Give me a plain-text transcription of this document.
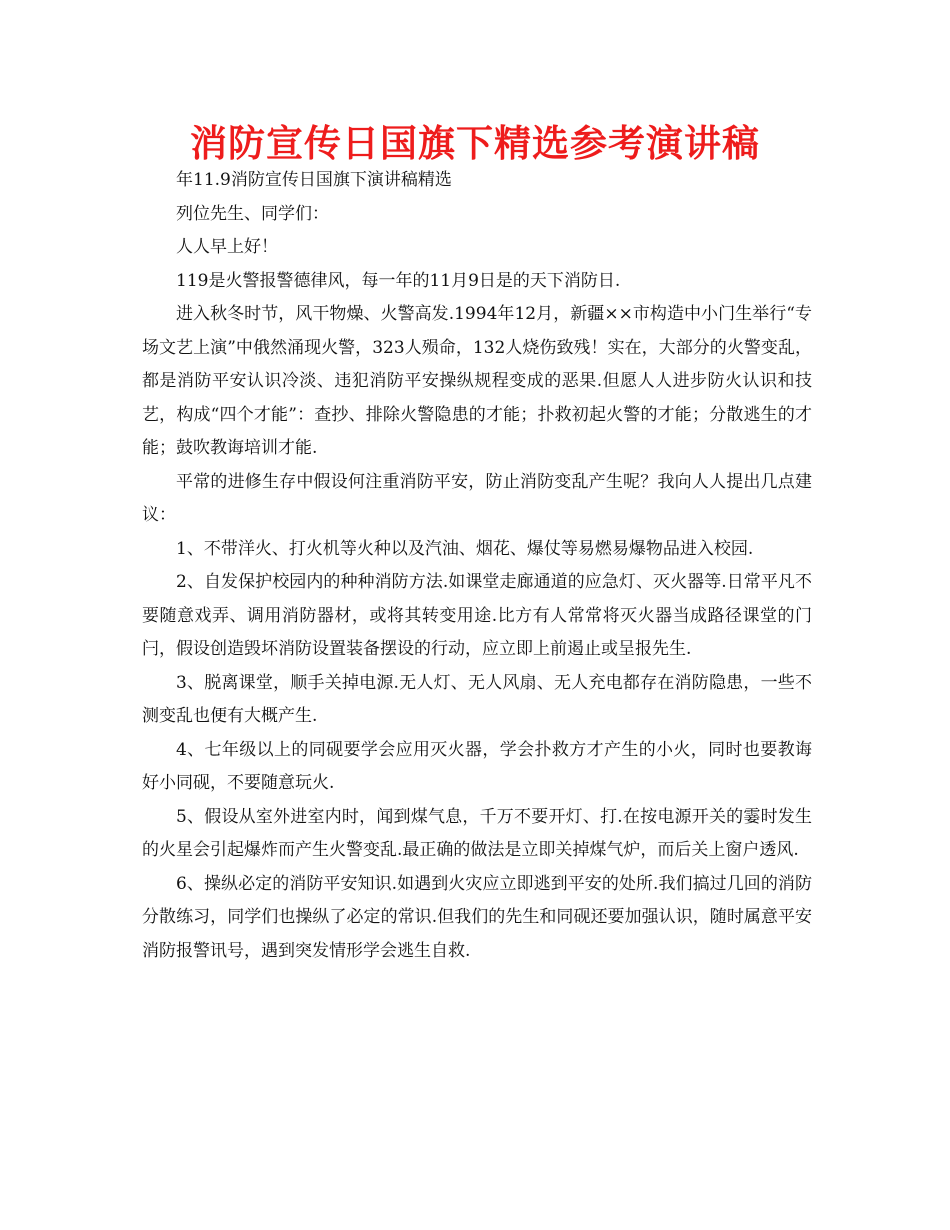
消防宣传日国旗下精选参考演讲稿

年11.9消防宣传日国旗下演讲稿精选

列位先生、同学们：

人人早上好！

119是火警报警德律风，每一年的11月9日是的天下消防日.

进入秋冬时节，风干物燥、火警高发.1994年12月，新疆××市构造中小门生举行“专场文艺上演”中俄然涌现火警，323人殒命，132人烧伤致残！实在，大部分的火警变乱，都是消防平安认识冷淡、违犯消防平安操纵规程变成的恶果.但愿人人进步防火认识和技艺，构成“四个才能”：查抄、排除火警隐患的才能；扑救初起火警的才能；分散逃生的才能；鼓吹教诲培训才能.

平常的进修生存中假设何注重消防平安，防止消防变乱产生呢？我向人人提出几点建议：

1、不带洋火、打火机等火种以及汽油、烟花、爆仗等易燃易爆物品进入校园.

2、自发保护校园内的种种消防方法.如课堂走廊通道的应急灯、灭火器等.日常平凡不要随意戏弄、调用消防器材，或将其转变用途.比方有人常常将灭火器当成路径课堂的门闩，假设创造毁坏消防设置装备摆设的行动，应立即上前遏止或呈报先生.

3、脱离课堂，顺手关掉电源.无人灯、无人风扇、无人充电都存在消防隐患，一些不测变乱也便有大概产生.

4、七年级以上的同砚要学会应用灭火器，学会扑救方才产生的小火，同时也要教诲好小同砚，不要随意玩火.

5、假设从室外进室内时，闻到煤气息，千万不要开灯、打.在按电源开关的霎时发生的火星会引起爆炸而产生火警变乱.最正确的做法是立即关掉煤气炉，而后关上窗户透风.

6、操纵必定的消防平安知识.如遇到火灾应立即逃到平安的处所.我们搞过几回的消防分散练习，同学们也操纵了必定的常识.但我们的先生和同砚还要加强认识，随时属意平安消防报警讯号，遇到突发情形学会逃生自救.
